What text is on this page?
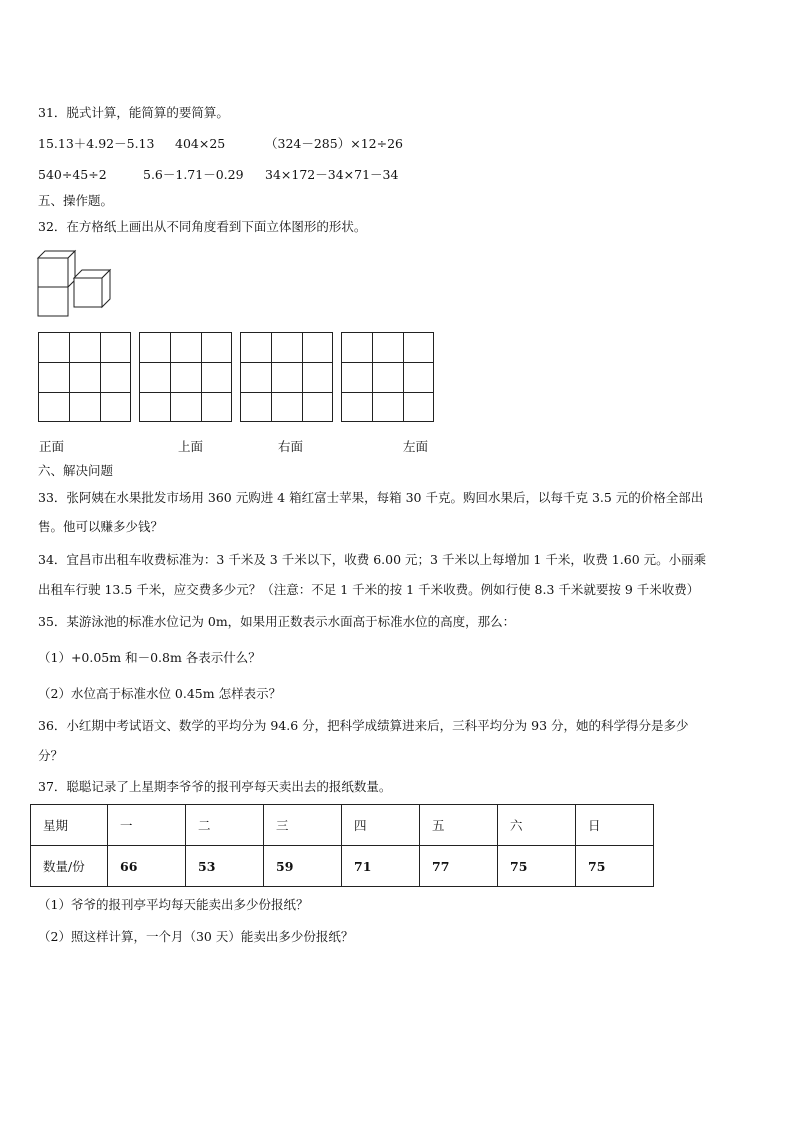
31．脱式计算，能简算的要简算。
15.13＋4.92－5.13 404×25	（324－285）×12÷26
540÷45÷2	5.6－1.71－0.29 34×172－34×71－34
五、操作题。
32．在方格纸上画出从不同角度看到下面立体图形的形状。
正面	上面	右面	左面
六、解决问题
33．张阿姨在水果批发市场用 360 元购进 4 箱红富士苹果，每箱 30 千克。购回水果后，以每千克 3.5 元的价格全部出
售。他可以赚多少钱？
34．宜昌市出租车收费标准为：3 千米及 3 千米以下，收费 6.00 元；3 千米以上每增加 1 千米，收费 1.60 元。小丽乘
出租车行驶 13.5 千米，应交费多少元？（注意：不足 1 千米的按 1 千米收费。例如行使 8.3 千米就要按 9 千米收费）
35．某游泳池的标准水位记为 0m，如果用正数表示水面高于标准水位的高度，那么：
（1）+0.05m 和－0.8m 各表示什么？
（2）水位高于标准水位 0.45m 怎样表示？
36．小红期中考试语文、数学的平均分为 94.6 分，把科学成绩算进来后，三科平均分为 93 分，她的科学得分是多少
分？
37．聪聪记录了上星期李爷爷的报刊亭每天卖出去的报纸数量。
星期	一	二	三	四	五	六	日
数量/份	66	53	59	71	77	75	75
（1）爷爷的报刊亭平均每天能卖出多少份报纸？
（2）照这样计算，一个月（30 天）能卖出多少份报纸？
